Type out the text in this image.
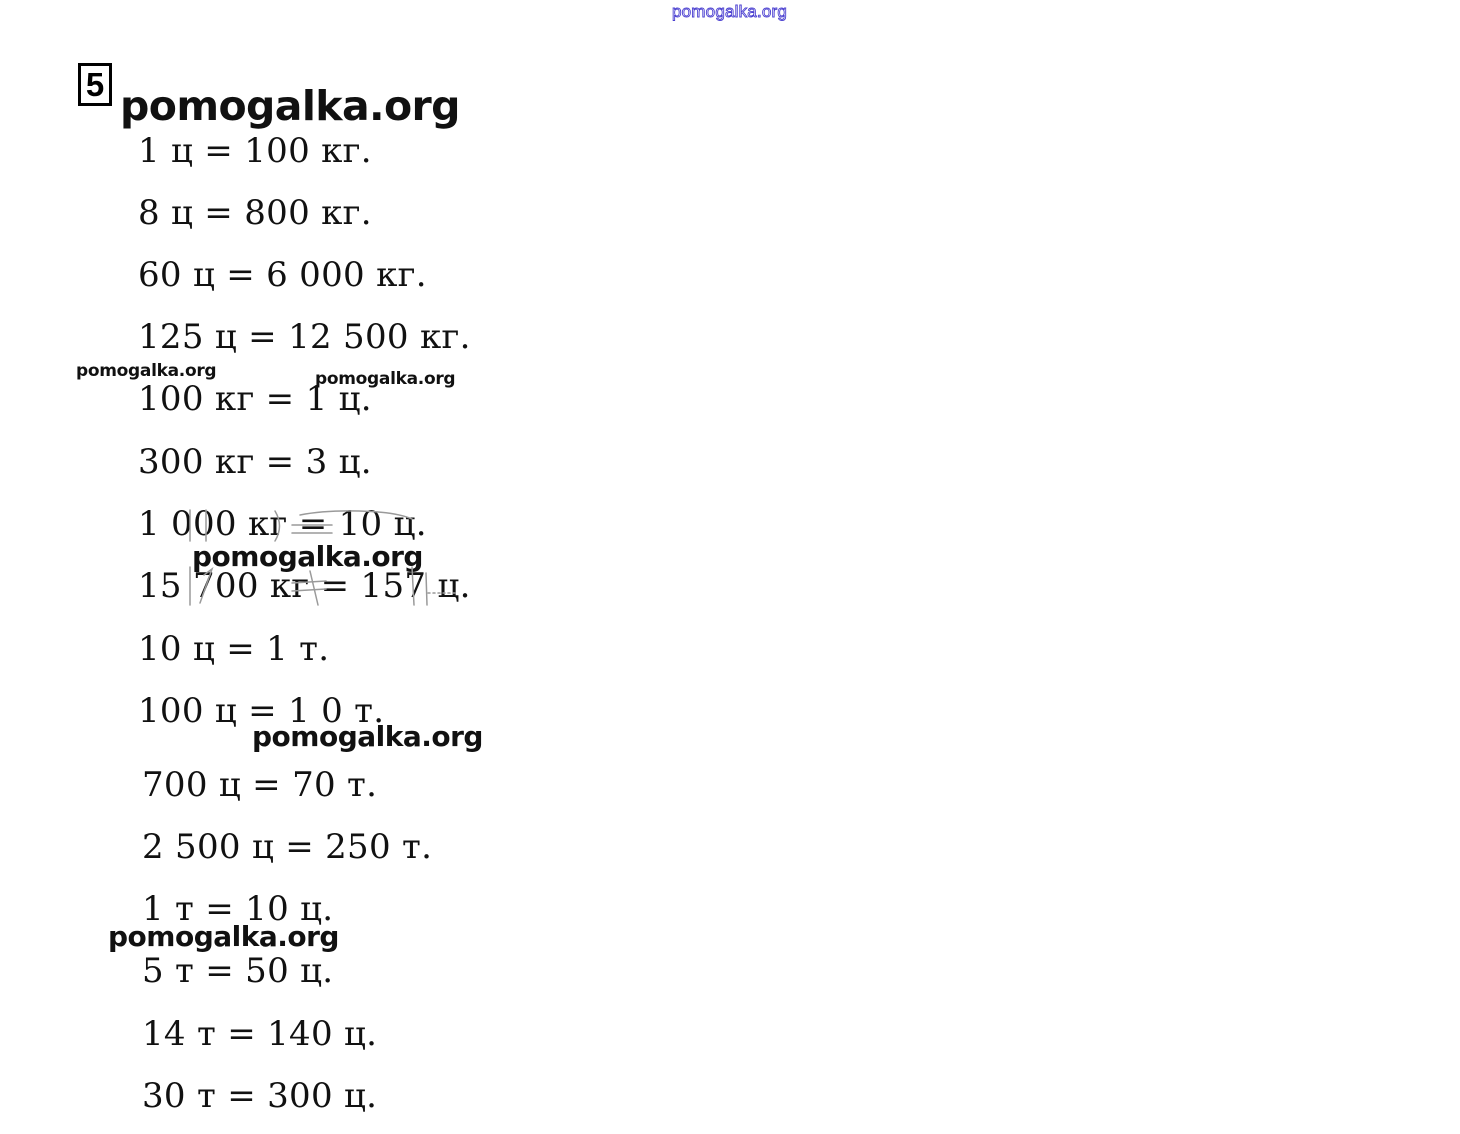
pomogalka.org
5 pomogalka.org
1 ц = 100 кг.
8 ц = 800 кг.
60 ц = 6 000 кг.
125 ц = 12 500 кг.
pomogalka.org	pomogalka.org
100 кг = 1 ц.
300 кг = 3 ц.
1 000 кг = 10 ц.
pomogalka.org
15 700 кг = 157 ц.
10 ц = 1 т.
100 ц = 1 0 т.
pomogalka.org
700 ц = 70 т.
2 500 ц = 250 т.
1 т = 10 ц.
pomogalka.org
5 т = 50 ц.
14 т = 140 ц.
30 т = 300 ц.
